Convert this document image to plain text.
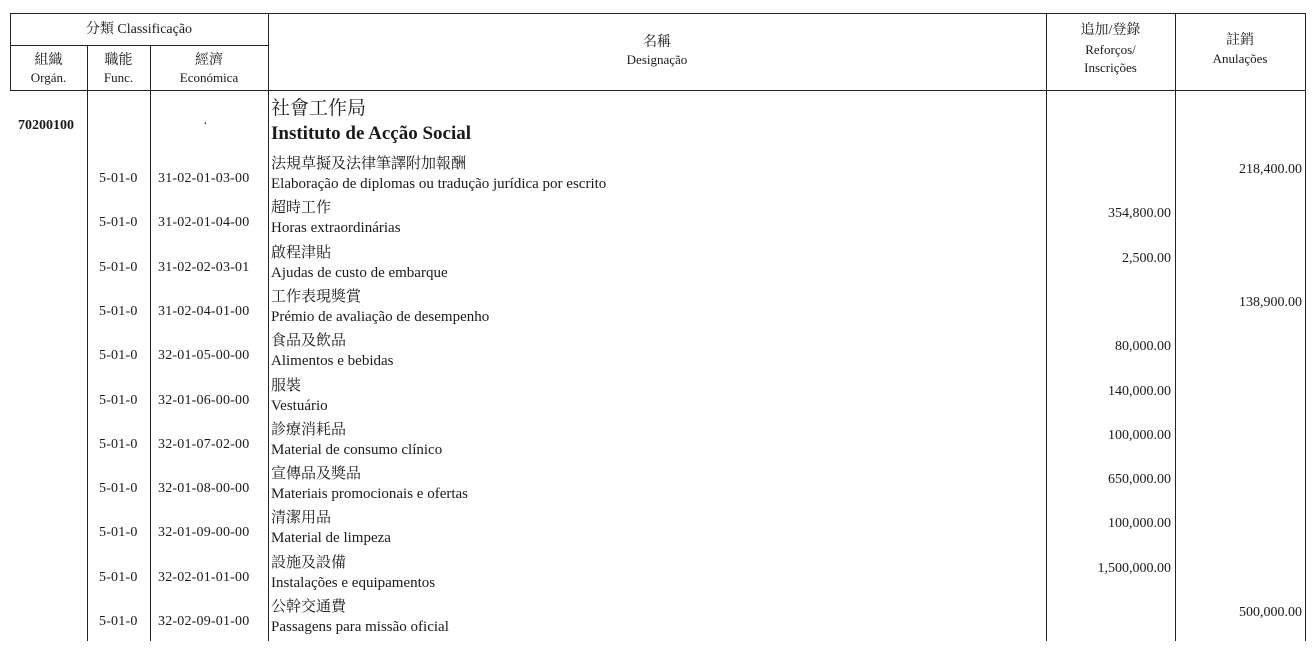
分類 Classificação
組織
Orgán.
職能
Func.
經濟
Económica
名稱
Designação
追加/登錄
Reforços/
Inscrições
註銷
Anulações
70200100	·
社會工作局
Instituto de Acção Social
5-01-0 31-02-01-03-00
法規草擬及法律筆譯附加報酬
Elaboração de diplomas ou tradução jurídica por escrito
218,400.00
5-01-0 31-02-01-04-00
超時工作
Horas extraordinárias
354,800.00
5-01-0 31-02-02-03-01
啟程津貼
Ajudas de custo de embarque
2,500.00
5-01-0 31-02-04-01-00
工作表現獎賞
Prémio de avaliação de desempenho
138,900.00
5-01-0 32-01-05-00-00
食品及飲品
Alimentos e bebidas
80,000.00
5-01-0 32-01-06-00-00
服裝
Vestuário
140,000.00
5-01-0 32-01-07-02-00
診療消耗品
Material de consumo clínico
100,000.00
5-01-0 32-01-08-00-00
宣傳品及獎品
Materiais promocionais e ofertas
650,000.00
5-01-0 32-01-09-00-00
清潔用品
Material de limpeza
100,000.00
5-01-0 32-02-01-01-00
設施及設備
Instalações e equipamentos
1,500,000.00
5-01-0 32-02-09-01-00
公幹交通費
Passagens para missão oficial
500,000.00
